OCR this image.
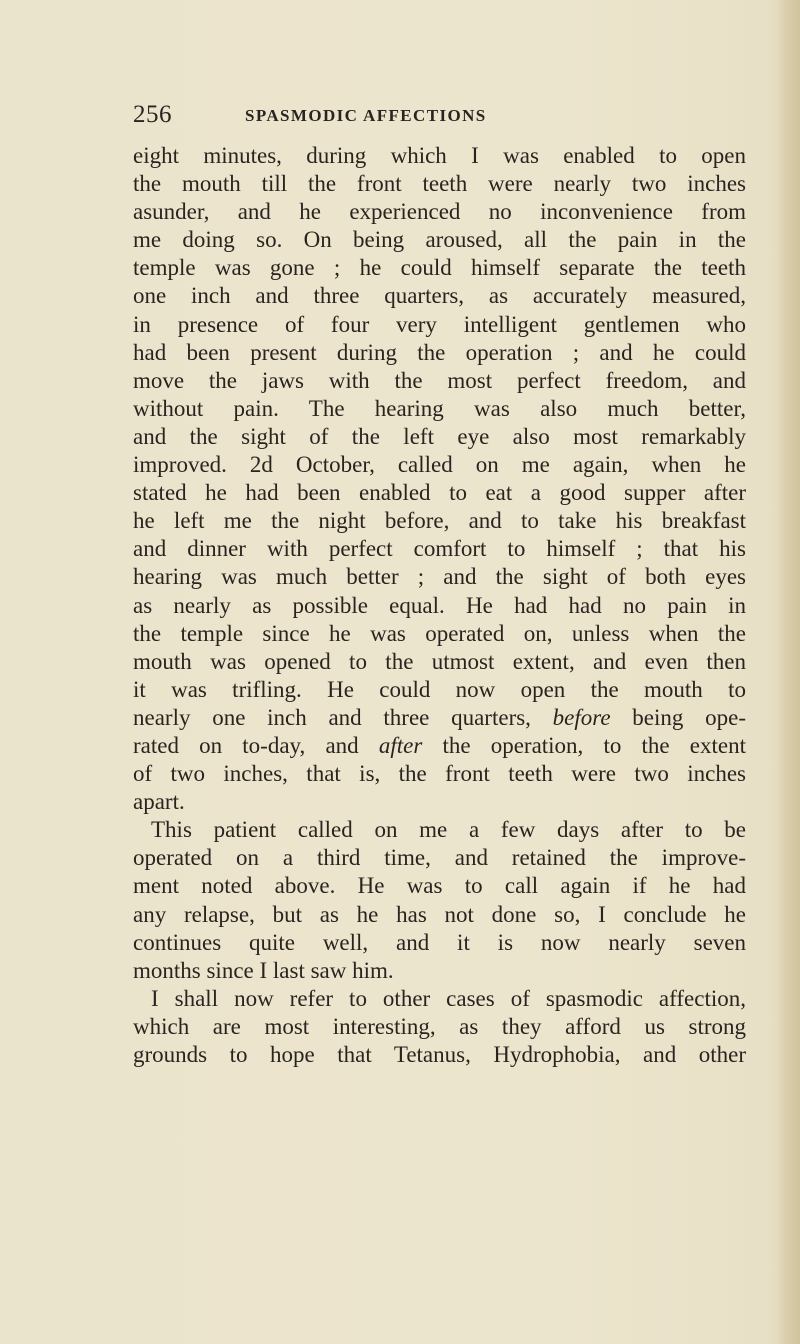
256	SPASMODIC AFFECTIONS
eight minutes, during which I was enabled to open
the mouth till the front teeth were nearly two inches
asunder, and he experienced no inconvenience from
me doing so. On being aroused, all the pain in the
temple was gone ; he could himself separate the teeth
one inch and three quarters, as accurately measured,
in presence of four very intelligent gentlemen who
had been present during the operation ; and he could
move the jaws with the most perfect freedom, and
without pain. The hearing was also much better,
and the sight of the left eye also most remarkably
improved. 2d October, called on me again, when he
stated he had been enabled to eat a good supper after
he left me the night before, and to take his breakfast
and dinner with perfect comfort to himself ; that his
hearing was much better ; and the sight of both eyes
as nearly as possible equal. He had had no pain in
the temple since he was operated on, unless when the
mouth was opened to the utmost extent, and even then
it was trifling. He could now open the mouth to
nearly one inch and three quarters, before being ope-
rated on to-day, and after the operation, to the extent
of two inches, that is, the front teeth were two inches
apart.
This patient called on me a few days after to be
operated on a third time, and retained the improve-
ment noted above. He was to call again if he had
any relapse, but as he has not done so, I conclude he
continues quite well, and it is now nearly seven
months since I last saw him.
I shall now refer to other cases of spasmodic affection,
which are most interesting, as they afford us strong
grounds to hope that Tetanus, Hydrophobia, and other
